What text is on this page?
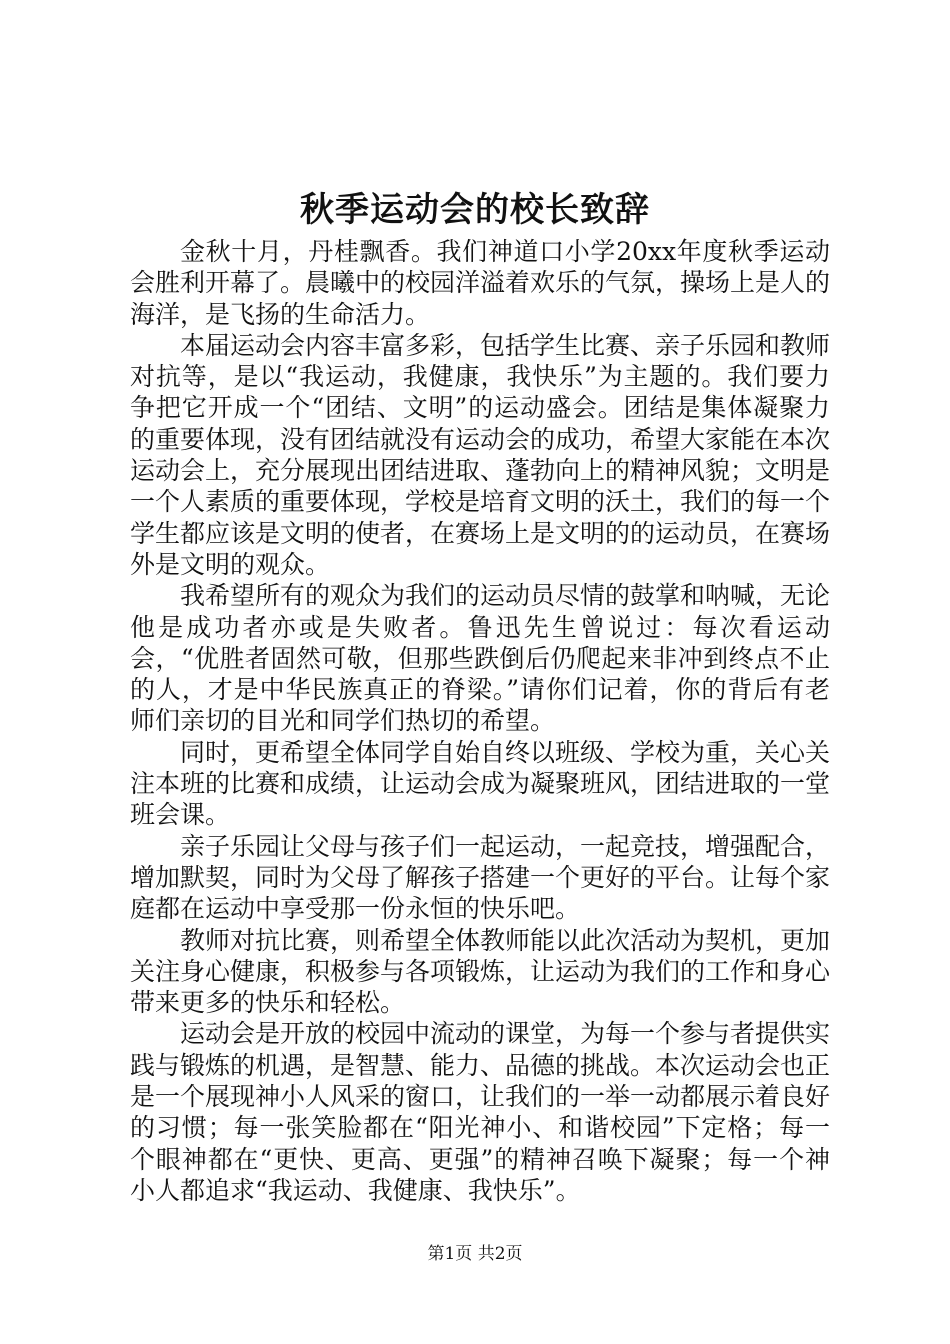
秋季运动会的校长致辞

金秋十月，丹桂飘香。我们神道口小学20xx年度秋季运动会胜利开幕了。晨曦中的校园洋溢着欢乐的气氛，操场上是人的海洋，是飞扬的生命活力。

本届运动会内容丰富多彩，包括学生比赛、亲子乐园和教师对抗等，是以“我运动，我健康，我快乐”为主题的。我们要力争把它开成一个“团结、文明”的运动盛会。团结是集体凝聚力的重要体现，没有团结就没有运动会的成功，希望大家能在本次运动会上，充分展现出团结进取、蓬勃向上的精神风貌；文明是一个人素质的重要体现，学校是培育文明的沃土，我们的每一个学生都应该是文明的使者，在赛场上是文明的的运动员，在赛场外是文明的观众。

我希望所有的观众为我们的运动员尽情的鼓掌和呐喊，无论他是成功者亦或是失败者。鲁迅先生曾说过：每次看运动会，“优胜者固然可敬，但那些跌倒后仍爬起来非冲到终点不止的人，才是中华民族真正的脊梁。”请你们记着，你的背后有老师们亲切的目光和同学们热切的希望。

同时，更希望全体同学自始自终以班级、学校为重，关心关注本班的比赛和成绩，让运动会成为凝聚班风，团结进取的一堂班会课。

亲子乐园让父母与孩子们一起运动，一起竞技，增强配合，增加默契，同时为父母了解孩子搭建一个更好的平台。让每个家庭都在运动中享受那一份永恒的快乐吧。

教师对抗比赛，则希望全体教师能以此次活动为契机，更加关注身心健康，积极参与各项锻炼，让运动为我们的工作和身心带来更多的快乐和轻松。

运动会是开放的校园中流动的课堂，为每一个参与者提供实践与锻炼的机遇，是智慧、能力、品德的挑战。本次运动会也正是一个展现神小人风采的窗口，让我们的一举一动都展示着良好的习惯；每一张笑脸都在“阳光神小、和谐校园”下定格；每一个眼神都在“更快、更高、更强”的精神召唤下凝聚；每一个神小人都追求“我运动、我健康、我快乐”。

第1页 共2页
